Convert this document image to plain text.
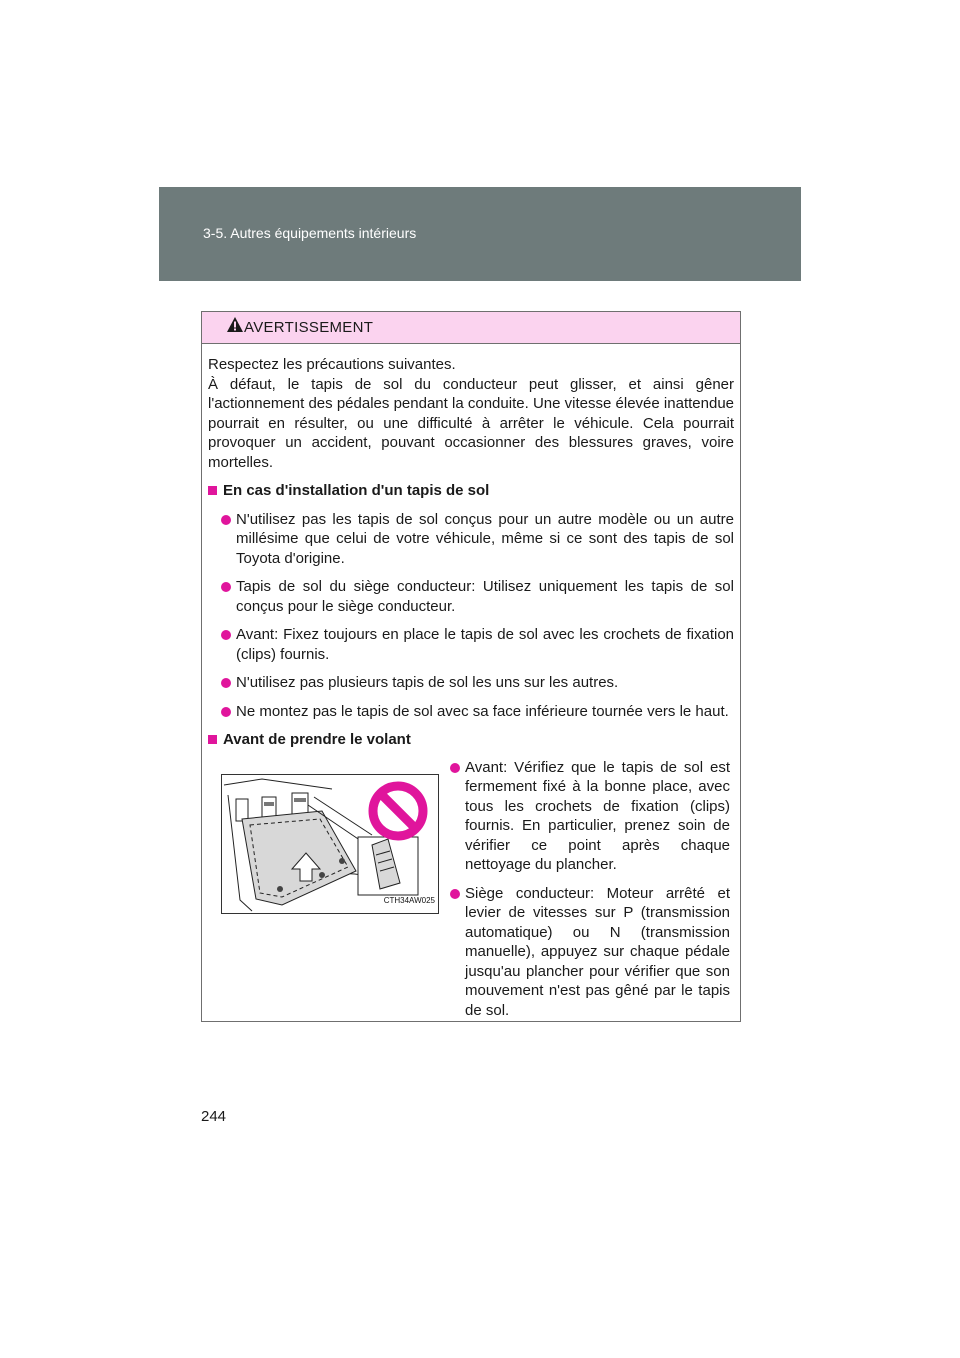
3-5. Autres équipements intérieurs
AVERTISSEMENT

Respectez les précautions suivantes.

À défaut, le tapis de sol du conducteur peut glisser, et ainsi gêner l'actionnement des pédales pendant la conduite. Une vitesse élevée inattendue pourrait en résulter, ou une difficulté à arrêter le véhicule. Cela pourrait provoquer un accident, pouvant occasionner des blessures graves, voire mortelles.

En cas d'installation d'un tapis de sol
N'utilisez pas les tapis de sol conçus pour un autre modèle ou un autre millésime que celui de votre véhicule, même si ce sont des tapis de sol Toyota d'origine.
Tapis de sol du siège conducteur: Utilisez uniquement les tapis de sol conçus pour le siège conducteur.
Avant: Fixez toujours en place le tapis de sol avec les crochets de fixation (clips) fournis.
N'utilisez pas plusieurs tapis de sol les uns sur les autres.
Ne montez pas le tapis de sol avec sa face inférieure tournée vers le haut.
Avant de prendre le volant
CTH34AW025
Avant: Vérifiez que le tapis de sol est fermement fixé à la bonne place, avec tous les crochets de fixation (clips) fournis. En particulier, prenez soin de vérifier ce point après chaque nettoyage du plancher.
Siège conducteur: Moteur arrêté et levier de vitesses sur P (transmission automatique) ou N (transmission manuelle), appuyez sur chaque pédale jusqu'au plancher pour vérifier que son mouvement n'est pas gêné par le tapis de sol.
244
